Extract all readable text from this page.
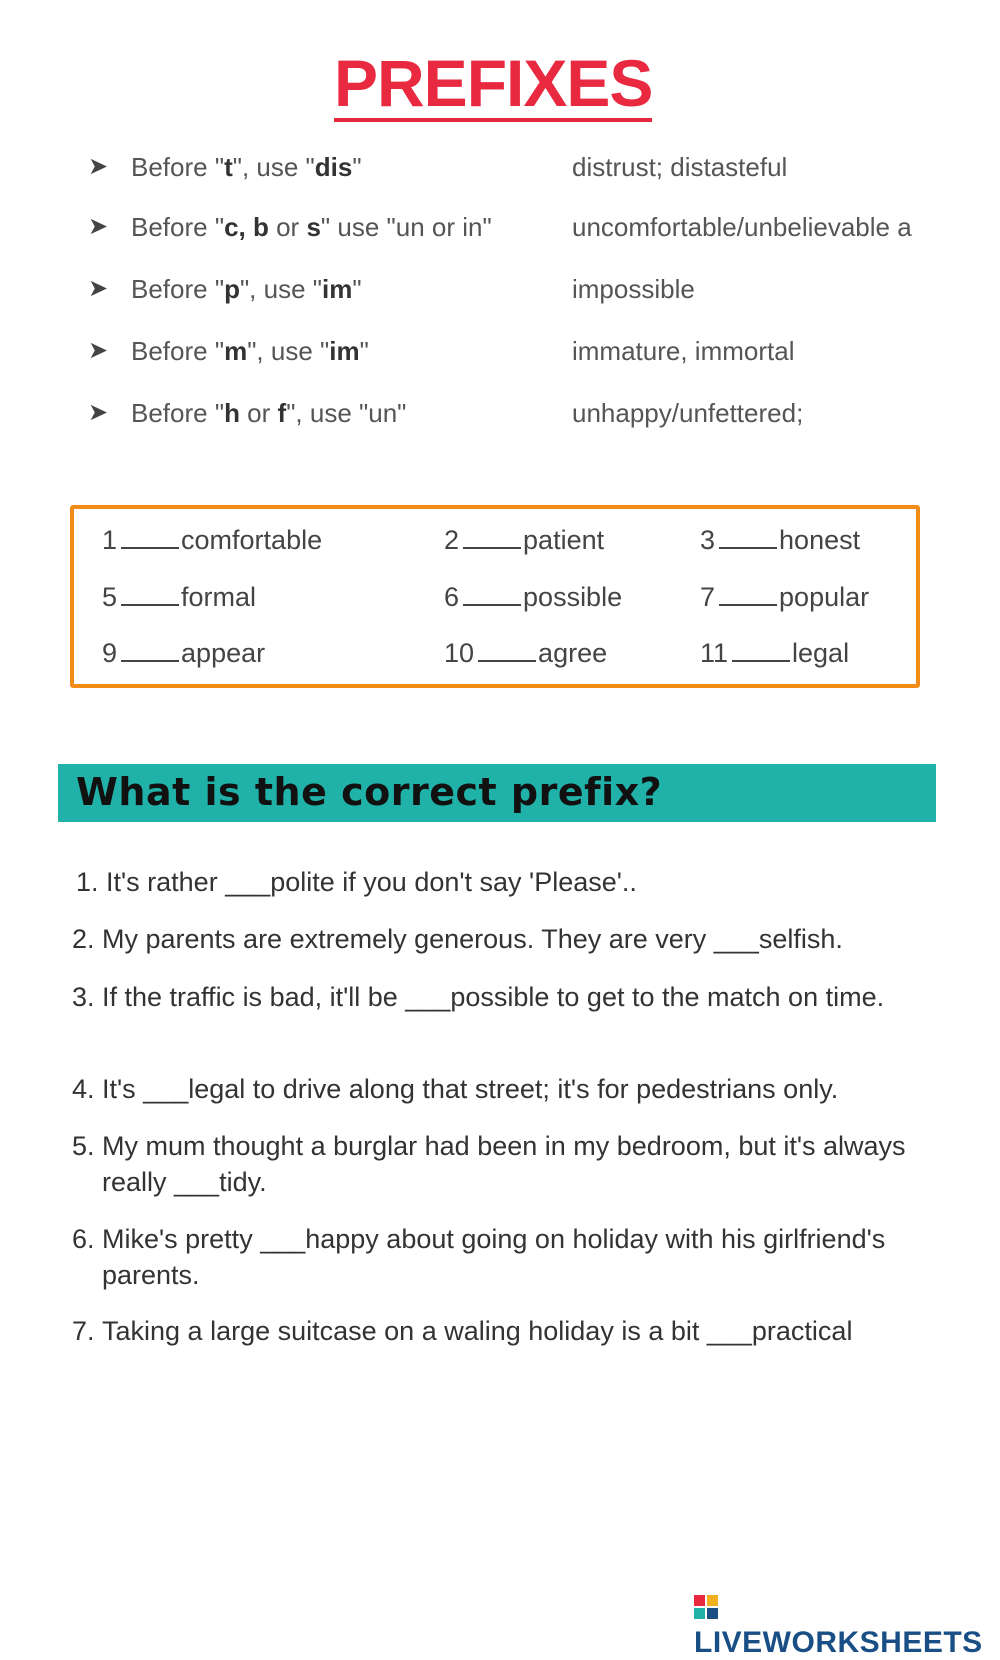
PREFIXES
➤ Before "t", use "dis"	distrust; distasteful
➤ Before "c, b or s" use "un or in"	uncomfortable/unbelievable a
➤ Before "p", use "im"	impossible
➤ Before "m", use "im"	immature, immortal
➤ Before "h or f", use "un"	unhappy/unfettered;
1 comfortable	2 patient	3 honest
5 formal	6 possible	7 popular
9 appear	10 agree	11 legal
What is the correct prefix?
1. It's rather ___polite if you don't say 'Please'..
2. My parents are extremely generous. They are very ___selfish.
3. If the traffic is bad, it'll be ___possible to get to the match on time.
4. It's ___legal to drive along that street; it's for pedestrians only.
5. My mum thought a burglar had been in my bedroom, but it's always really ___tidy.
6. Mike's pretty ___happy about going on holiday with his girlfriend's parents.
7. Taking a large suitcase on a waling holiday is a bit ___practical
LIVEWORKSHEETS
